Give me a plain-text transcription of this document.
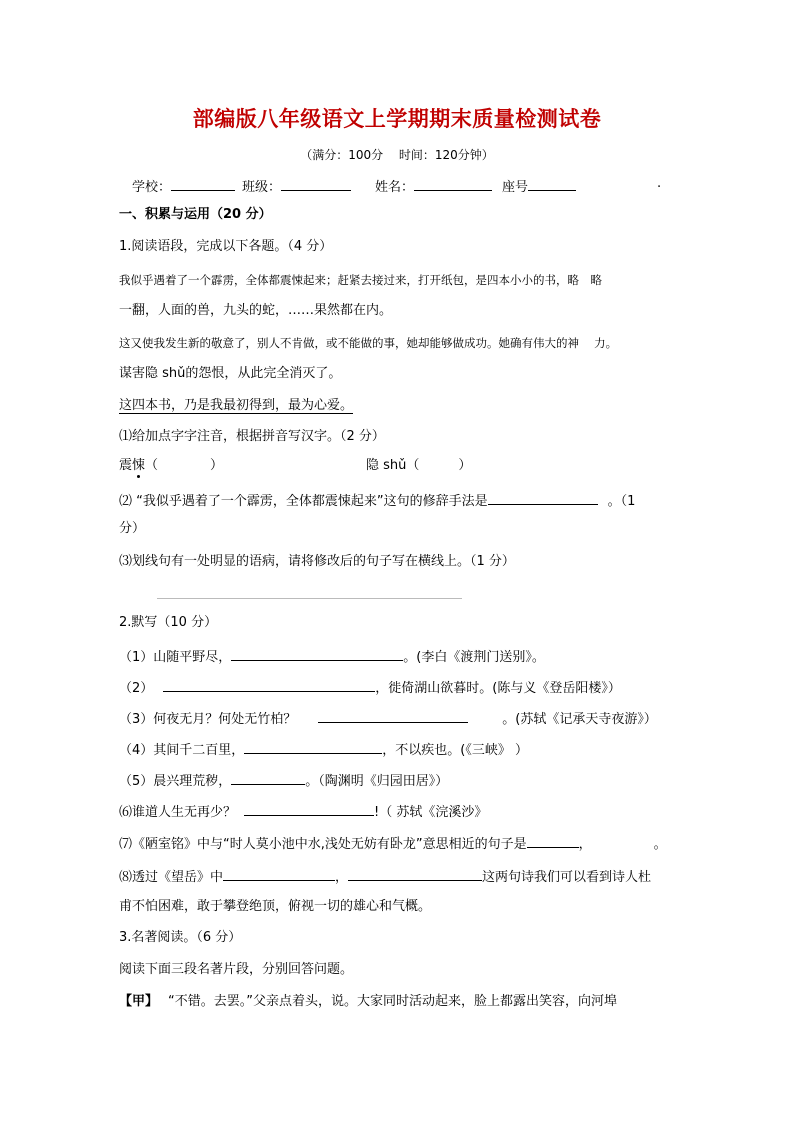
部编版八年级语文上学期期末质量检测试卷
（满分：100分　 时间：120分钟）
学校：	班级：	姓名：	座号	.
一、积累与运用（20 分）
1.阅读语段，完成以下各题。（4 分）
我似乎遇着了一个霹雳，全体都震悚起来；赶紧去接过来，打开纸包，是四本小小的书，略　略
一翻，人面的兽，九头的蛇，……果然都在内。
这又使我发生新的敬意了，别人不肯做，或不能做的事，她却能够做成功。她确有伟大的神　 力。
谋害隐 shǔ的怨恨，从此完全消灭了。
这四本书，乃是我最初得到，最为心爱。
⑴给加点字字注音，根据拼音写汉字。（2 分）
震悚（　　　　）	隐 shǔ（　　　）
⑵ “我似乎遇着了一个霹雳，全体都震悚起来”这句的修辞手法是	。（1
分）
⑶划线句有一处明显的语病，请将修改后的句子写在横线上。（1 分）
2.默写（10 分）
（1）山随平野尽，	。(李白《渡荆门送别》。
（2）	，徙倚湖山欲暮时。(陈与义《登岳阳楼》）
（3）何夜无月？何处无竹柏？	。(苏轼《记承天寺夜游》）
（4）其间千二百里，	，不以疾也。(《三峡》 ）
（5）晨兴理荒秽，	。（陶渊明《归园田居》）
⑹谁道人生无再少？	!（ 苏轼《浣溪沙》
⑺《陋室铭》中与“时人莫小池中水,浅处无妨有卧龙”意思相近的句子是	，	。
⑻透过《望岳》中	，	这两句诗我们可以看到诗人杜
甫不怕困难，敢于攀登绝顶，俯视一切的雄心和气概。
3.名著阅读。（6 分）
阅读下面三段名著片段，分别回答问题。
【甲】 “不错。去罢。”父亲点着头，说。大家同时活动起来，脸上都露出笑容，向河埠
